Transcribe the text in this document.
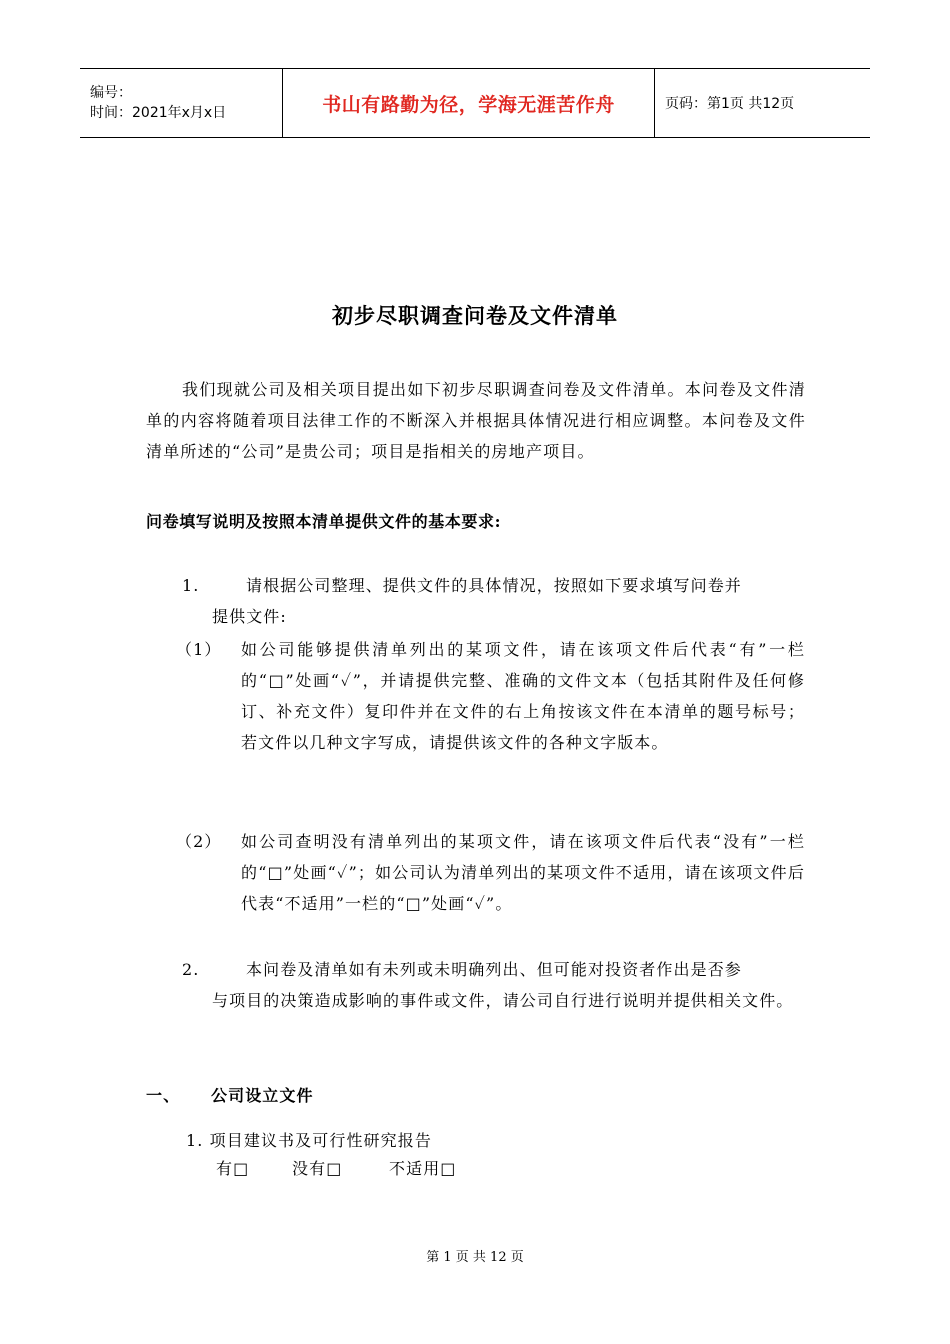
编号：
时间：2021年x月x日	书山有路勤为径，学海无涯苦作舟	页码：第1页 共12页
初步尽职调查问卷及文件清单
我们现就公司及相关项目提出如下初步尽职调查问卷及文件清单。本问卷及文件清单的内容将随着项目法律工作的不断深入并根据具体情况进行相应调整。本问卷及文件清单所述的“公司”是贵公司；项目是指相关的房地产项目。
问卷填写说明及按照本清单提供文件的基本要求:
1.	请根据公司整理、提供文件的具体情况，按照如下要求填写问卷并
提供文件:
（1） 如公司能够提供清单列出的某项文件，请在该项文件后代表“有”一栏的“□”处画“✓”，并请提供完整、准确的文件文本（包括其附件及任何修订、补充文件）复印件并在文件的右上角按该文件在本清单的题号标号；若文件以几种文字写成，请提供该文件的各种文字版本。
（2） 如公司查明没有清单列出的某项文件，请在该项文件后代表“没有”一栏的“□”处画“✓”；如公司认为清单列出的某项文件不适用，请在该项文件后代表“不适用”一栏的“□”处画“✓”。
2.	本问卷及清单如有未列或未明确列出、但可能对投资者作出是否参
与项目的决策造成影响的事件或文件，请公司自行进行说明并提供相关文件。
一、 公司设立文件
1. 项目建议书及可行性研究报告
有□	没有□	不适用□
第 1 页 共 12 页
